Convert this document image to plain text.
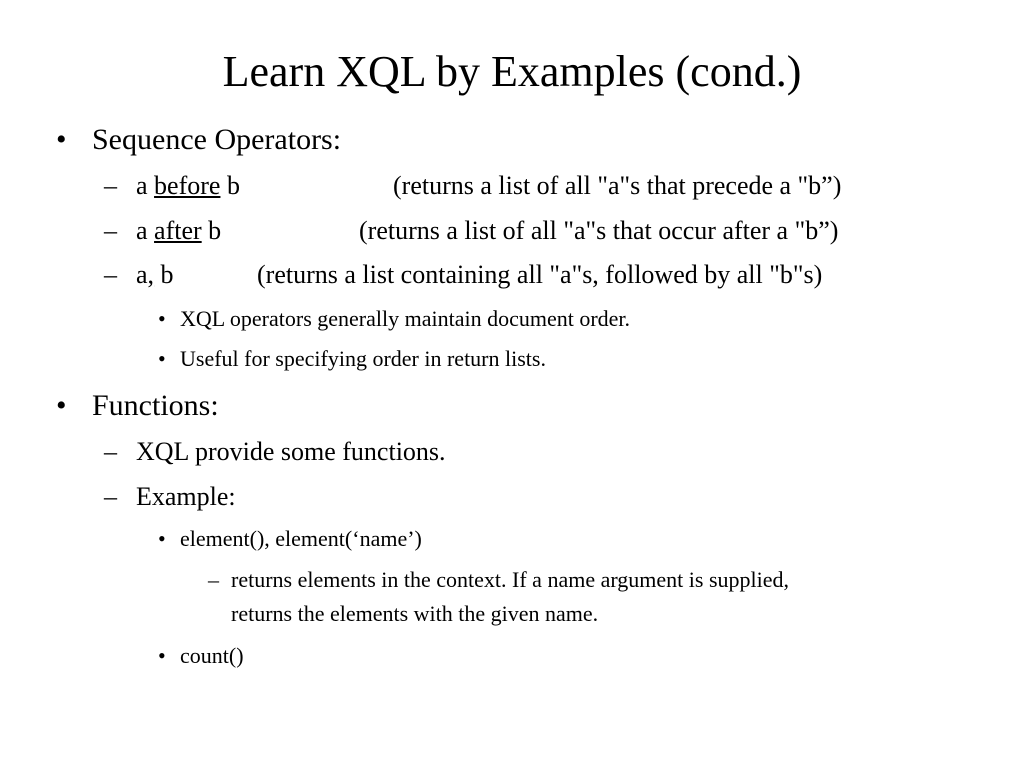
Learn XQL by Examples (cond.)
• Sequence Operators:
– a before b	(returns a list of all "a"s that precede a "b”)
– a after b	(returns a list of all "a"s that occur after a "b”)
– a, b	(returns a list containing all "a"s, followed by all "b"s)
• XQL operators generally maintain document order.
• Useful for specifying order in return lists.
• Functions:
– XQL provide some functions.
– Example:
• element(), element(‘name’)
– returns elements in the context. If a name argument is supplied,
returns the elements with the given name.
• count()
